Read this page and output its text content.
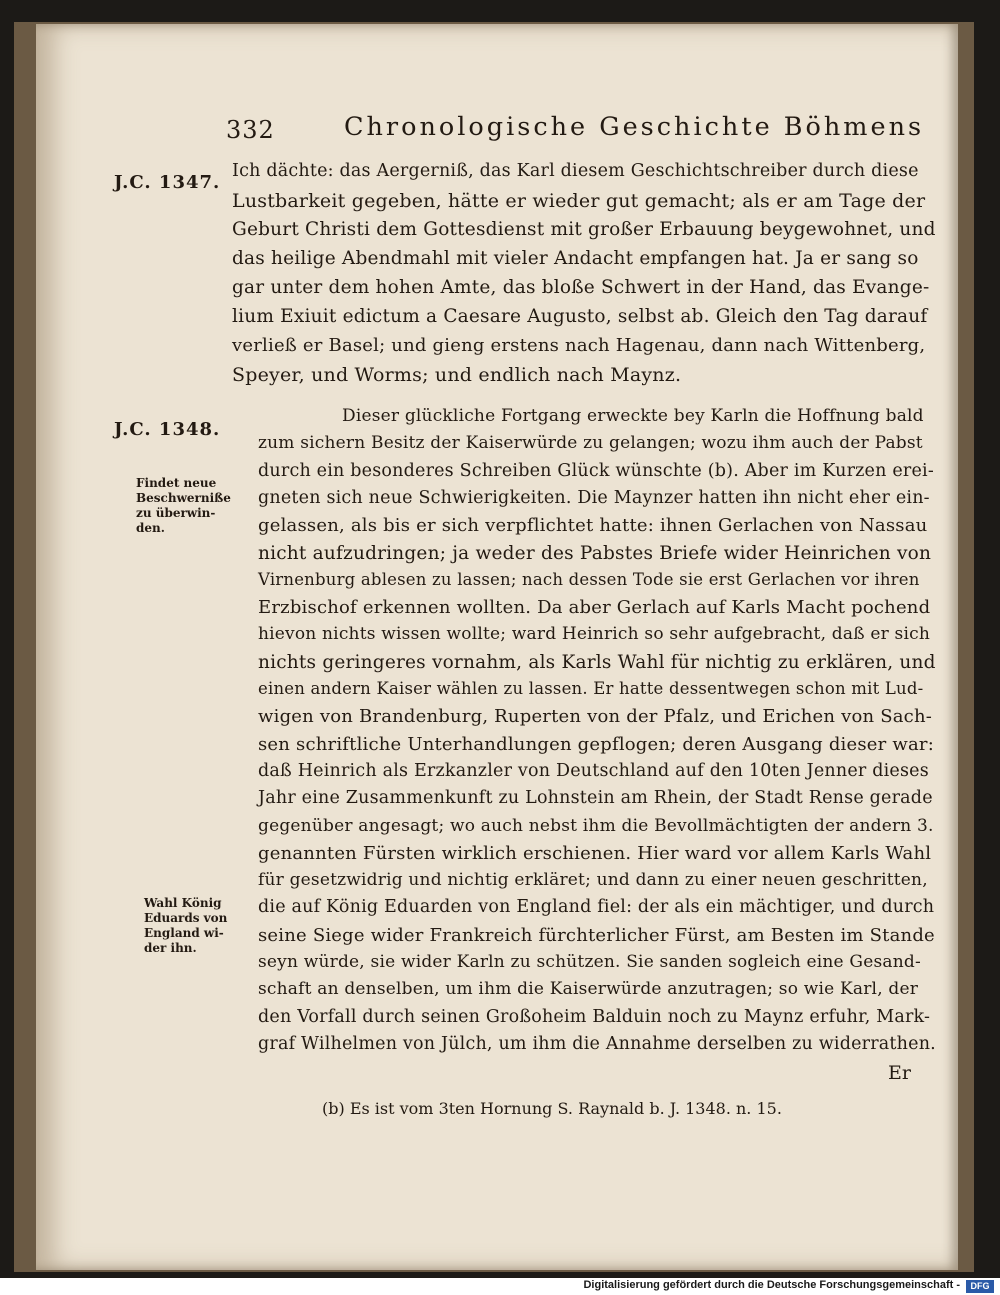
332	Chronologische Geschichte Böhmens
J.C. 1347.
Ich dächte: das Aergerniß, das Karl diesem Geschichtschreiber durch diese
Lustbarkeit gegeben, hätte er wieder gut gemacht; als er am Tage der
Geburt Christi dem Gottesdienst mit großer Erbauung beygewohnet, und
das heilige Abendmahl mit vieler Andacht empfangen hat. Ja er sang so
gar unter dem hohen Amte, das bloße Schwert in der Hand, das Evange-
lium Exiuit edictum a Caesare Augusto, selbst ab. Gleich den Tag darauf
verließ er Basel; und gieng erstens nach Hagenau, dann nach Wittenberg,
Speyer, und Worms; und endlich nach Maynz.
J.C. 1348.
Findet neue Beschwerniße zu überwin-den.
Wahl König Eduards von England wi-der ihn.
Dieser glückliche Fortgang erweckte bey Karln die Hoffnung bald
zum sichern Besitz der Kaiserwürde zu gelangen; wozu ihm auch der Pabst
durch ein besonderes Schreiben Glück wünschte (b). Aber im Kurzen erei-
gneten sich neue Schwierigkeiten. Die Maynzer hatten ihn nicht eher ein-
gelassen, als bis er sich verpflichtet hatte: ihnen Gerlachen von Nassau
nicht aufzudringen; ja weder des Pabstes Briefe wider Heinrichen von
Virnenburg ablesen zu lassen; nach dessen Tode sie erst Gerlachen vor ihren
Erzbischof erkennen wollten. Da aber Gerlach auf Karls Macht pochend
hievon nichts wissen wollte; ward Heinrich so sehr aufgebracht, daß er sich
nichts geringeres vornahm, als Karls Wahl für nichtig zu erklären, und
einen andern Kaiser wählen zu lassen. Er hatte dessentwegen schon mit Lud-
wigen von Brandenburg, Ruperten von der Pfalz, und Erichen von Sach-
sen schriftliche Unterhandlungen gepflogen; deren Ausgang dieser war:
daß Heinrich als Erzkanzler von Deutschland auf den 10ten Jenner dieses
Jahr eine Zusammenkunft zu Lohnstein am Rhein, der Stadt Rense gerade
gegenüber angesagt; wo auch nebst ihm die Bevollmächtigten der andern 3.
genannten Fürsten wirklich erschienen. Hier ward vor allem Karls Wahl
für gesetzwidrig und nichtig erkläret; und dann zu einer neuen geschritten,
die auf König Eduarden von England fiel: der als ein mächtiger, und durch
seine Siege wider Frankreich fürchterlicher Fürst, am Besten im Stande
seyn würde, sie wider Karln zu schützen. Sie sanden sogleich eine Gesand-
schaft an denselben, um ihm die Kaiserwürde anzutragen; so wie Karl, der
den Vorfall durch seinen Großoheim Balduin noch zu Maynz erfuhr, Mark-
graf Wilhelmen von Jülch, um ihm die Annahme derselben zu widerrathen.
Er
(b) Es ist vom 3ten Hornung S. Raynald b. J. 1348. n. 15.
Digitalisierung gefördert durch die Deutsche Forschungsgemeinschaft -	DFG
